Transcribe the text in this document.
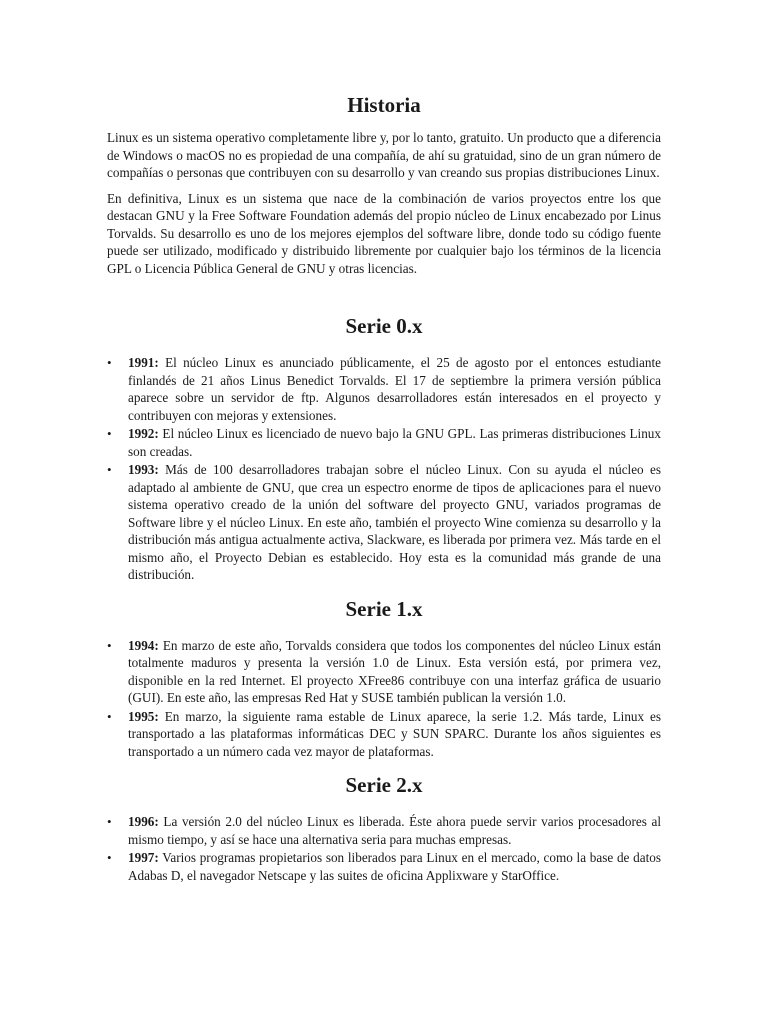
Historia

Linux es un sistema operativo completamente libre y, por lo tanto, gratuito. Un producto que a diferencia de Windows o macOS no es propiedad de una compañía, de ahí su gratuidad, sino de un gran número de compañías o personas que contribuyen con su desarrollo y van creando sus propias distribuciones Linux.

En definitiva, Linux es un sistema que nace de la combinación de varios proyectos entre los que destacan GNU y la Free Software Foundation además del propio núcleo de Linux encabezado por Linus Torvalds. Su desarrollo es uno de los mejores ejemplos del software libre, donde todo su código fuente puede ser utilizado, modificado y distribuido libremente por cualquier bajo los términos de la licencia GPL o Licencia Pública General de GNU y otras licencias.

Serie 0.x
• 1991: El núcleo Linux es anunciado públicamente, el 25 de agosto por el entonces estudiante finlandés de 21 años Linus Benedict Torvalds. El 17 de septiembre la primera versión pública aparece sobre un servidor de ftp. Algunos desarrolladores están interesados en el proyecto y contribuyen con mejoras y extensiones.
• 1992: El núcleo Linux es licenciado de nuevo bajo la GNU GPL. Las primeras distribuciones Linux son creadas.
• 1993: Más de 100 desarrolladores trabajan sobre el núcleo Linux. Con su ayuda el núcleo es adaptado al ambiente de GNU, que crea un espectro enorme de tipos de aplicaciones para el nuevo sistema operativo creado de la unión del software del proyecto GNU, variados programas de Software libre y el núcleo Linux. En este año, también el proyecto Wine comienza su desarrollo y la distribución más antigua actualmente activa, Slackware, es liberada por primera vez. Más tarde en el mismo año, el Proyecto Debian es establecido. Hoy esta es la comunidad más grande de una distribución.
Serie 1.x
• 1994: En marzo de este año, Torvalds considera que todos los componentes del núcleo Linux están totalmente maduros y presenta la versión 1.0 de Linux. Esta versión está, por primera vez, disponible en la red Internet. El proyecto XFree86 contribuye con una interfaz gráfica de usuario (GUI). En este año, las empresas Red Hat y SUSE también publican la versión 1.0.
• 1995: En marzo, la siguiente rama estable de Linux aparece, la serie 1.2. Más tarde, Linux es transportado a las plataformas informáticas DEC y SUN SPARC. Durante los años siguientes es transportado a un número cada vez mayor de plataformas.
Serie 2.x
• 1996: La versión 2.0 del núcleo Linux es liberada. Éste ahora puede servir varios procesadores al mismo tiempo, y así se hace una alternativa seria para muchas empresas.
• 1997: Varios programas propietarios son liberados para Linux en el mercado, como la base de datos Adabas D, el navegador Netscape y las suites de oficina Applixware y StarOffice.
